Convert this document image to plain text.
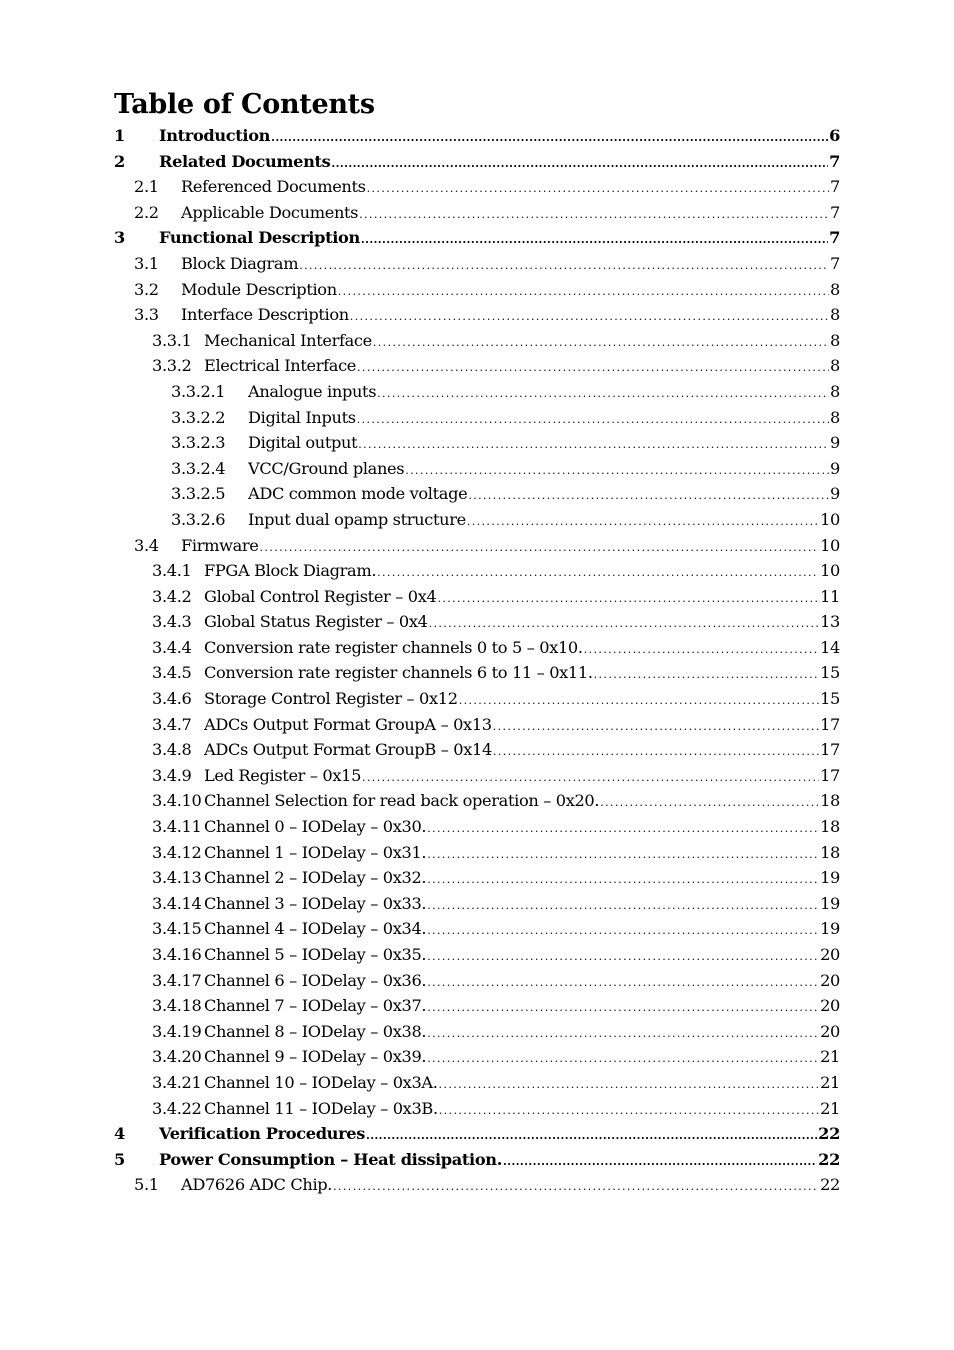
Table of Contents
1 Introduction .....	6
2 Related Documents .....	7
2.1 Referenced Documents .....	7
2.2 Applicable Documents .....	7
3 Functional Description .....	7
3.1 Block Diagram .....	7
3.2 Module Description .....	8
3.3 Interface Description .....	8
3.3.1 Mechanical Interface .....	8
3.3.2 Electrical Interface .....	8
3.3.2.1 Analogue inputs .....	8
3.3.2.2 Digital Inputs .....	8
3.3.2.3 Digital output .....	9
3.3.2.4 VCC/Ground planes .....	9
3.3.2.5 ADC common mode voltage .....	9
3.3.2.6 Input dual opamp structure .....	10
3.4 Firmware .....	10
3.4.1 FPGA Block Diagram. .....	10
3.4.2 Global Control Register – 0x4 .....	11
3.4.3 Global Status Register – 0x4 .....	13
3.4.4 Conversion rate register channels 0 to 5 – 0x10. .....	14
3.4.5 Conversion rate register channels 6 to 11 – 0x11. .....	15
3.4.6 Storage Control Register – 0x12 .....	15
3.4.7 ADCs Output Format GroupA – 0x13 .....	17
3.4.8 ADCs Output Format GroupB – 0x14 .....	17
3.4.9 Led Register – 0x15 .....	17
3.4.10 Channel Selection for read back operation – 0x20. .....	18
3.4.11 Channel 0 – IODelay – 0x30. .....	18
3.4.12 Channel 1 – IODelay – 0x31. .....	18
3.4.13 Channel 2 – IODelay – 0x32. .....	19
3.4.14 Channel 3 – IODelay – 0x33. .....	19
3.4.15 Channel 4 – IODelay – 0x34. .....	19
3.4.16 Channel 5 – IODelay – 0x35. .....	20
3.4.17 Channel 6 – IODelay – 0x36. .....	20
3.4.18 Channel 7 – IODelay – 0x37. .....	20
3.4.19 Channel 8 – IODelay – 0x38. .....	20
3.4.20 Channel 9 – IODelay – 0x39. .....	21
3.4.21 Channel 10 – IODelay – 0x3A. .....	21
3.4.22 Channel 11 – IODelay – 0x3B. .....	21
4 Verification Procedures .....	22
5 Power Consumption – Heat dissipation. .....	22
5.1 AD7626 ADC Chip. .....	22
